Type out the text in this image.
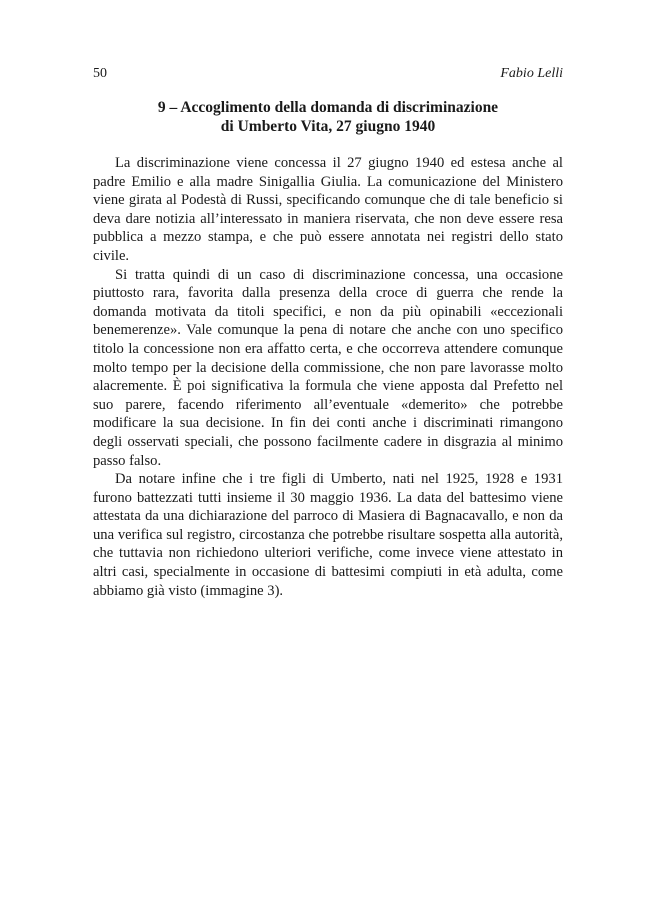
50	Fabio Lelli
9 – Accoglimento della domanda di discriminazione
di Umberto Vita, 27 giugno 1940

La discriminazione viene concessa il 27 giugno 1940 ed estesa anche al padre Emilio e alla madre Sinigallia Giulia. La comunicazione del Ministero viene girata al Podestà di Russi, specificando comunque che di tale beneficio si deva dare notizia all’interessato in maniera riservata, che non deve essere resa pubblica a mezzo stampa, e che può essere annotata nei registri dello stato civile.

Si tratta quindi di un caso di discriminazione concessa, una occasione piuttosto rara, favorita dalla presenza della croce di guerra che rende la domanda motivata da titoli specifici, e non da più opinabili «eccezionali benemerenze». Vale comunque la pena di notare che anche con uno specifico titolo la concessione non era affatto certa, e che occorreva attendere comunque molto tempo per la decisione della commissione, che non pare lavorasse molto alacremente. È poi significativa la formula che viene apposta dal Prefetto nel suo parere, facendo riferimento all’eventuale «demerito» che potrebbe modificare la sua decisione. In fin dei conti anche i discriminati rimangono degli osservati speciali, che possono facilmente cadere in disgrazia al minimo passo falso.

Da notare infine che i tre figli di Umberto, nati nel 1925, 1928 e 1931 furono battezzati tutti insieme il 30 maggio 1936. La data del battesimo viene attestata da una dichiarazione del parroco di Masiera di Bagnacavallo, e non da una verifica sul registro, circostanza che potrebbe risultare sospetta alla autorità, che tuttavia non richiedono ulteriori verifiche, come invece viene attestato in altri casi, specialmente in occasione di battesimi compiuti in età adulta, come abbiamo già visto (immagine 3).
